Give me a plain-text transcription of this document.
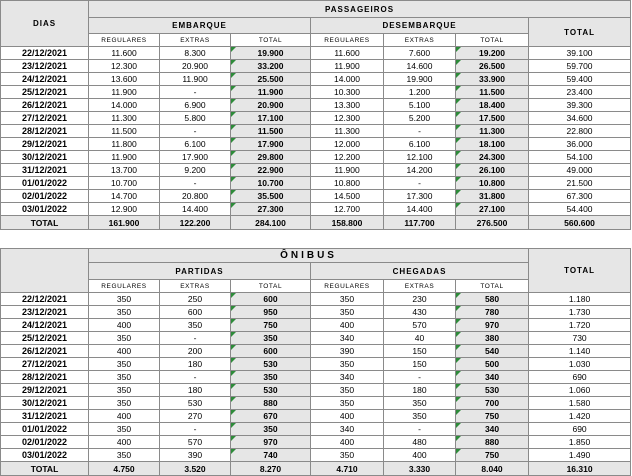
DIAS	PASSAGEIROS						
	EMBARQUE			DESEMBARQUE			TOTAL
	REGULARES	EXTRAS	TOTAL	REGULARES	EXTRAS	TOTAL	
22/12/2021	11.600	8.300	19.900	11.600	7.600	19.200	39.100
23/12/2021	12.300	20.900	33.200	11.900	14.600	26.500	59.700
24/12/2021	13.600	11.900	25.500	14.000	19.900	33.900	59.400
25/12/2021	11.900	-	11.900	10.300	1.200	11.500	23.400
26/12/2021	14.000	6.900	20.900	13.300	5.100	18.400	39.300
27/12/2021	11.300	5.800	17.100	12.300	5.200	17.500	34.600
28/12/2021	11.500	-	11.500	11.300	-	11.300	22.800
29/12/2021	11.800	6.100	17.900	12.000	6.100	18.100	36.000
30/12/2021	11.900	17.900	29.800	12.200	12.100	24.300	54.100
31/12/2021	13.700	9.200	22.900	11.900	14.200	26.100	49.000
01/01/2022	10.700	-	10.700	10.800	-	10.800	21.500
02/01/2022	14.700	20.800	35.500	14.500	17.300	31.800	67.300
03/01/2022	12.900	14.400	27.300	12.700	14.400	27.100	54.400
TOTAL	161.900	122.200	284.100	158.800	117.700	276.500	560.600
	ÔNIBUS						TOTAL
	PARTIDAS			CHEGADAS			
	REGULARES	EXTRAS	TOTAL	REGULARES	EXTRAS	TOTAL	
22/12/2021	350	250	600	350	230	580	1.180
23/12/2021	350	600	950	350	430	780	1.730
24/12/2021	400	350	750	400	570	970	1.720
25/12/2021	350	-	350	340	40	380	730
26/12/2021	400	200	600	390	150	540	1.140
27/12/2021	350	180	530	350	150	500	1.030
28/12/2021	350	-	350	340	-	340	690
29/12/2021	350	180	530	350	180	530	1.060
30/12/2021	350	530	880	350	350	700	1.580
31/12/2021	400	270	670	400	350	750	1.420
01/01/2022	350	-	350	340	-	340	690
02/01/2022	400	570	970	400	480	880	1.850
03/01/2022	350	390	740	350	400	750	1.490
TOTAL	4.750	3.520	8.270	4.710	3.330	8.040	16.310
